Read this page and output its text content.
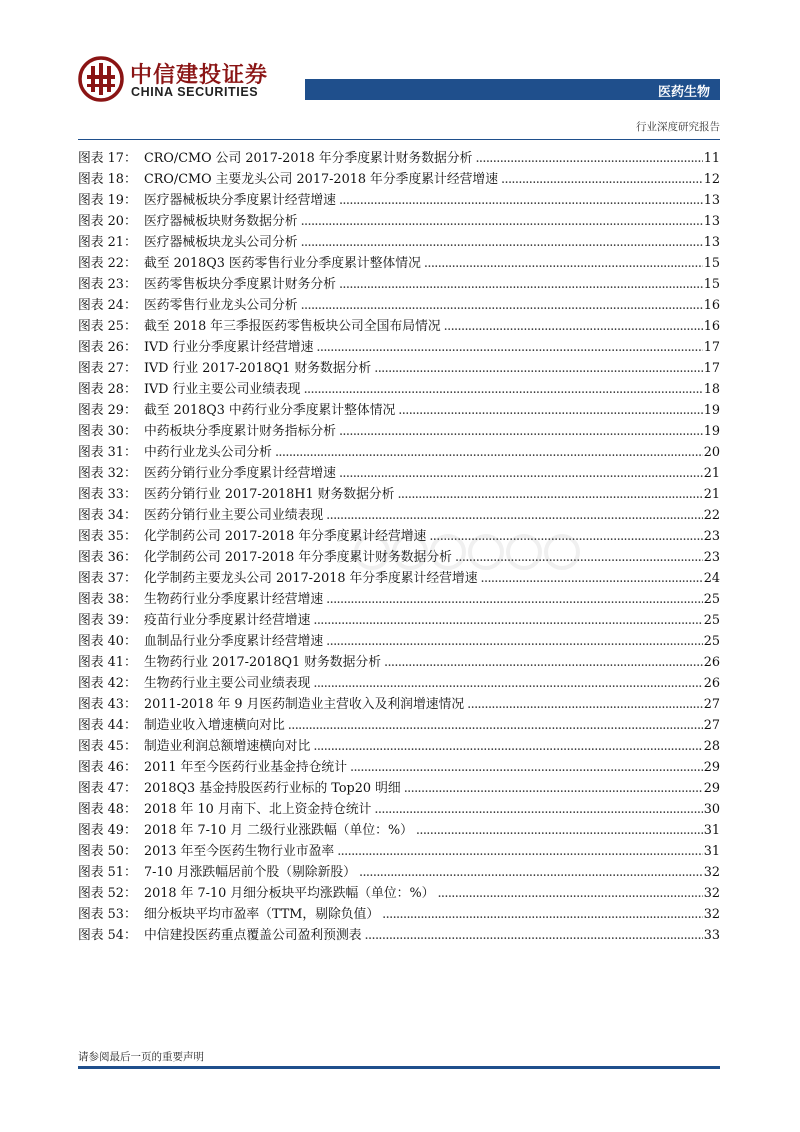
中信建投证券
CHINA SECURITIES	医药生物
行业深度研究报告
图表 17： CRO/CMO 公司 2017-2018 年分季度累计财务数据分析 .....	11
图表 18： CRO/CMO 主要龙头公司 2017-2018 年分季度累计经营增速 .....	12
图表 19： 医疗器械板块分季度累计经营增速 .....	13
图表 20： 医疗器械板块财务数据分析 .....	13
图表 21： 医疗器械板块龙头公司分析 .....	13
图表 22： 截至 2018Q3 医药零售行业分季度累计整体情况 .....	15
图表 23： 医药零售板块分季度累计财务分析 .....	15
图表 24： 医药零售行业龙头公司分析 .....	16
图表 25： 截至 2018 年三季报医药零售板块公司全国布局情况 .....	16
图表 26： IVD 行业分季度累计经营增速 .....	17
图表 27： IVD 行业 2017-2018Q1 财务数据分析 .....	17
图表 28： IVD 行业主要公司业绩表现 .....	18
图表 29： 截至 2018Q3 中药行业分季度累计整体情况 .....	19
图表 30： 中药板块分季度累计财务指标分析 .....	19
图表 31： 中药行业龙头公司分析 .....	20
图表 32： 医药分销行业分季度累计经营增速 .....	21
图表 33： 医药分销行业 2017-2018H1 财务数据分析 .....	21
图表 34： 医药分销行业主要公司业绩表现 .....	22
图表 35： 化学制药公司 2017-2018 年分季度累计经营增速 .....	23
图表 36： 化学制药公司 2017-2018 年分季度累计财务数据分析 .....	23
图表 37： 化学制药主要龙头公司 2017-2018 年分季度累计经营增速 .....	24
图表 38： 生物药行业分季度累计经营增速 .....	25
图表 39： 疫苗行业分季度累计经营增速 .....	25
图表 40： 血制品行业分季度累计经营增速 .....	25
图表 41： 生物药行业 2017-2018Q1 财务数据分析 .....	26
图表 42： 生物药行业主要公司业绩表现 .....	26
图表 43： 2011-2018 年 9 月医药制造业主营收入及利润增速情况 .....	27
图表 44： 制造业收入增速横向对比 .....	27
图表 45： 制造业利润总额增速横向对比 .....	28
图表 46： 2011 年至今医药行业基金持仓统计 .....	29
图表 47： 2018Q3 基金持股医药行业标的 Top20 明细 .....	29
图表 48： 2018 年 10 月南下、北上资金持仓统计 .....	30
图表 49： 2018 年 7-10 月 二级行业涨跌幅（单位：%） .....	31
图表 50： 2013 年至今医药生物行业市盈率 .....	31
图表 51： 7-10 月涨跌幅居前个股（剔除新股） .....	32
图表 52： 2018 年 7-10 月细分板块平均涨跌幅（单位：%） .....	32
图表 53： 细分板块平均市盈率（TTM，剔除负值） .....	32
图表 54： 中信建投医药重点覆盖公司盈利预测表 .....	33
请参阅最后一页的重要声明
